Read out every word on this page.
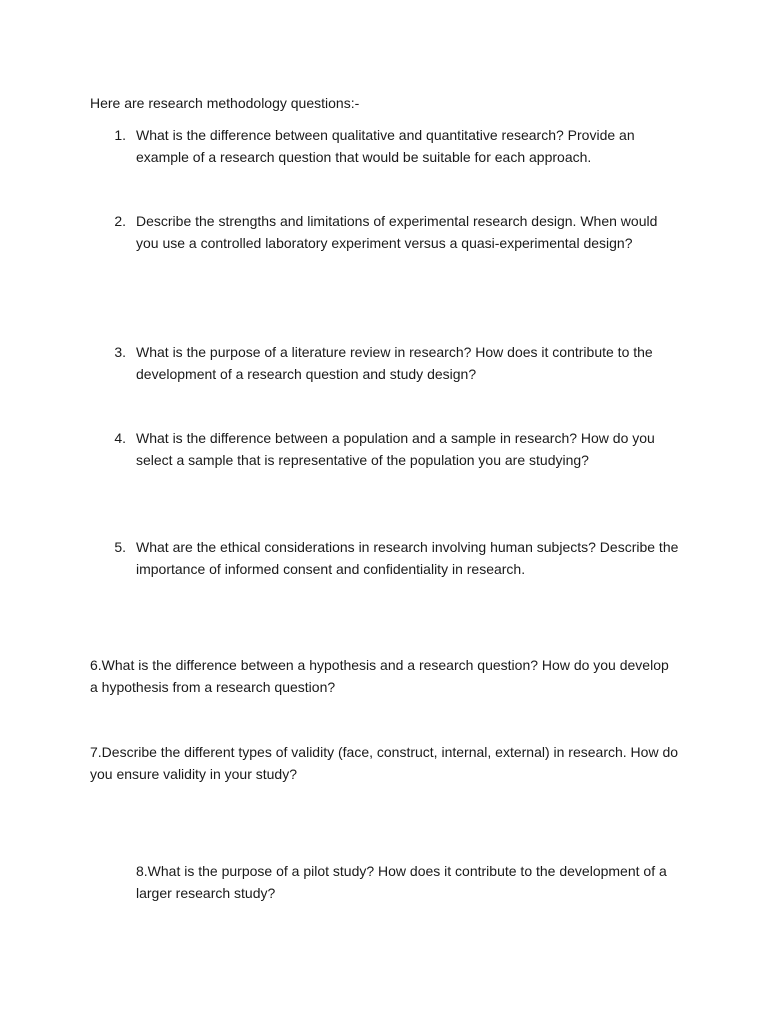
Here are research methodology questions:-

1. What is the difference between qualitative and quantitative research? Provide an example of a research question that would be suitable for each approach.

2. Describe the strengths and limitations of experimental research design. When would you use a controlled laboratory experiment versus a quasi-experimental design?

3. What is the purpose of a literature review in research? How does it contribute to the development of a research question and study design?

4. What is the difference between a population and a sample in research? How do you select a sample that is representative of the population you are studying?

5. What are the ethical considerations in research involving human subjects? Describe the importance of informed consent and confidentiality in research.

6.What is the difference between a hypothesis and a research question? How do you develop a hypothesis from a research question?

7.Describe the different types of validity (face, construct, internal, external) in research. How do you ensure validity in your study?

8.What is the purpose of a pilot study? How does it contribute to the development of a larger research study?
